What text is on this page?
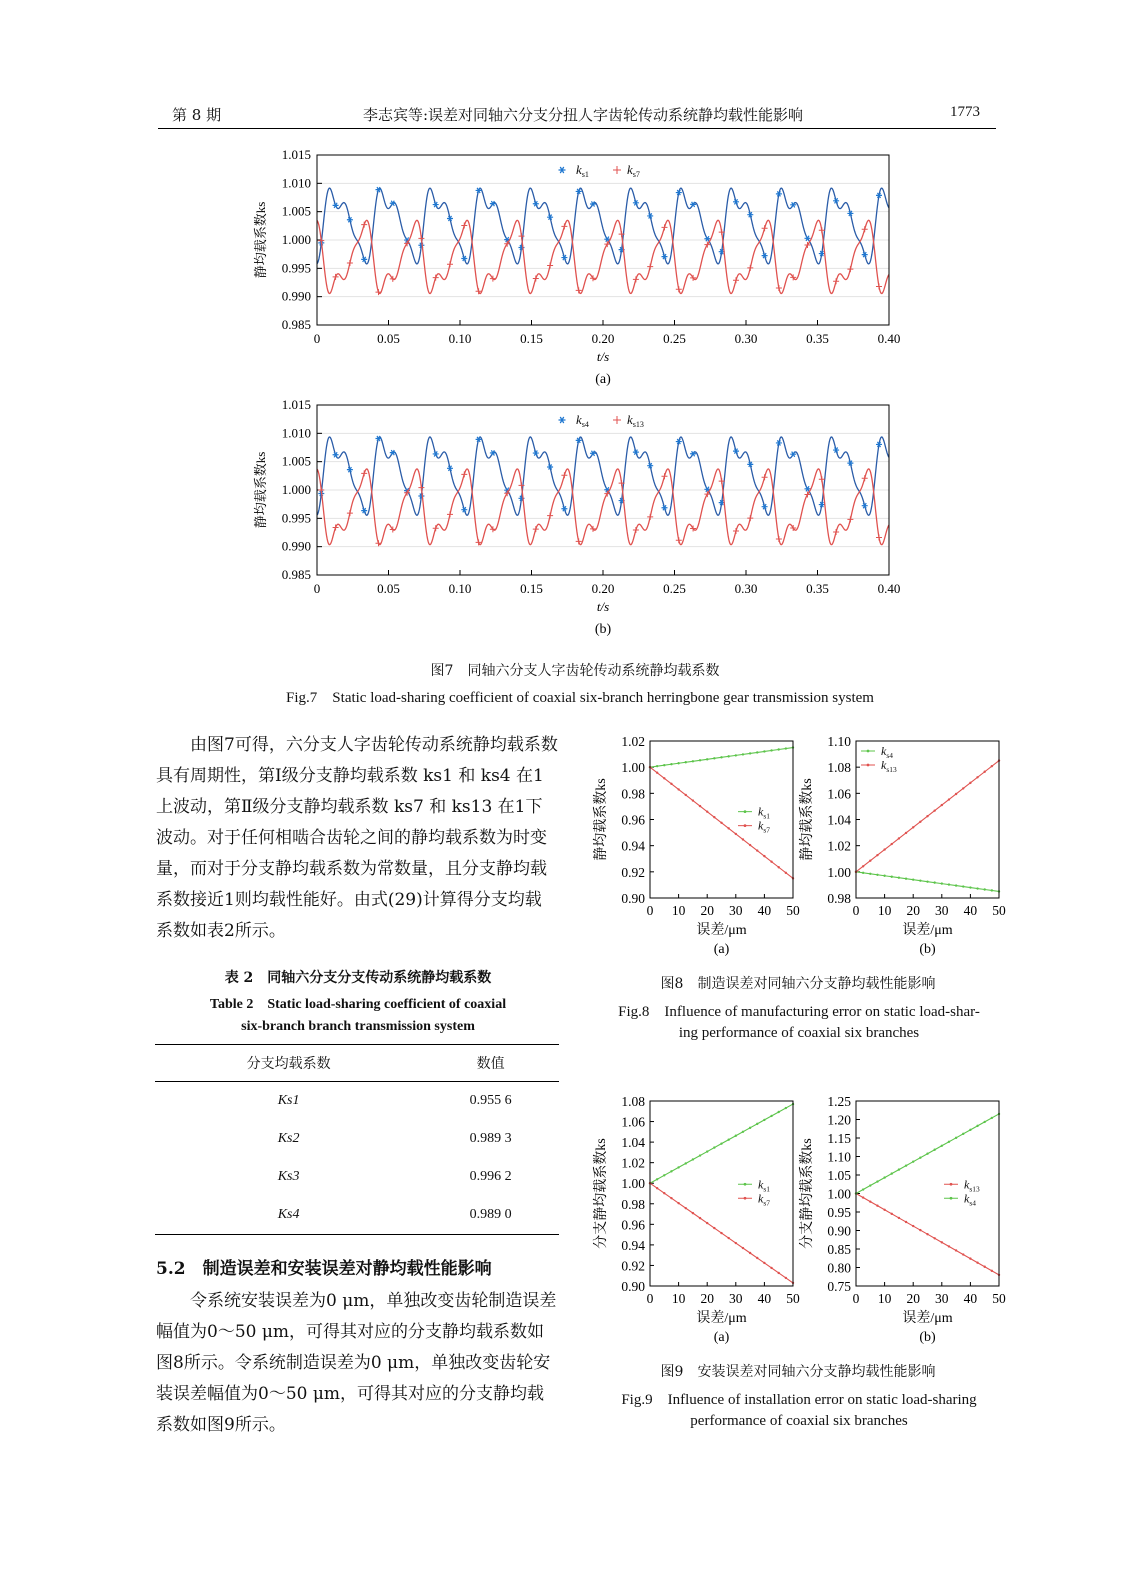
第 8 期	李志宾等:误差对同轴六分支分扭人字齿轮传动系统静均载性能影响	1773
0.985
0.990
0.995
1.000
1.005
1.010
1.015
0	0.05	0.10	0.15	0.20	0.25	0.30	0.35	0.40
$k_{s1}$	$k_{s7}$
t/s
静均载系数ks
(a)
0.985
0.990
0.995
1.000
1.005
1.010
1.015
0	0.05	0.10	0.15	0.20	0.25	0.30	0.35	0.40
$k_{s4}$	$k_{s13}$
t/s
静均载系数ks
(b)
图7　同轴六分支人字齿轮传动系统静均载系数
Fig.7　Static load-sharing coefficient of coaxial six-branch herringbone gear transmission system

由图7可得，六分支人字齿轮传动系统静均载系数具有周期性，第Ⅰ级分支静均载系数 ks1 和 ks4 在1上波动，第Ⅱ级分支静均载系数 ks7 和 ks13 在1下波动。对于任何相啮合齿轮之间的静均载系数为时变量，而对于分支静均载系数为常数量，且分支静均载系数接近1则均载性能好。由式(29)计算得分支均载系数如表2所示。

表 2　同轴六分支分支传动系统静均载系数
Table 2　Static load-sharing coefficient of coaxial
six-branch branch transmission system
分支均载系数	数值
Ks1	0.955 6
Ks2	0.989 3
Ks3	0.996 2
Ks4	0.989 0
5.2　制造误差和安装误差对静均载性能影响

令系统安装误差为0 μm，单独改变齿轮制造误差幅值为0～50 μm，可得其对应的分支静均载系数如图8所示。令系统制造误差为0 μm，单独改变齿轮安装误差幅值为0～50 μm，可得其对应的分支静均载系数如图9所示。

0.90
0.92
0.94
0.96
0.98
1.00
1.02
0 10 20 30 40 50
$k_{s1}$
$k_{s7}$
误差/μm
静均载系数ks
(a)
0.98
1.00
1.02
1.04
1.06
1.08
1.10
0 10 20 30 40 50
$k_{s4}$
$k_{s13}$
误差/μm
静均载系数ks
(b)
图8　制造误差对同轴六分支静均载性能影响
Fig.8　Influence of manufacturing error on static load-shar-
ing performance of coaxial six branches
0.90
0.92
0.94
0.96
0.98
1.00
1.02
1.04
1.06
1.08
0 10 20 30 40 50
$k_{s1}$
$k_{s7}$
误差/μm
分支静均载系数ks
(a)
0.75
0.80
0.85
0.90
0.95
1.00
1.05
1.10
1.15
1.20
1.25
0 10 20 30 40 50
$k_{s13}$
$k_{s4}$
误差/μm
分支静均载系数ks
(b)
图9　安装误差对同轴六分支静均载性能影响
Fig.9　Influence of installation error on static load-sharing
performance of coaxial six branches
